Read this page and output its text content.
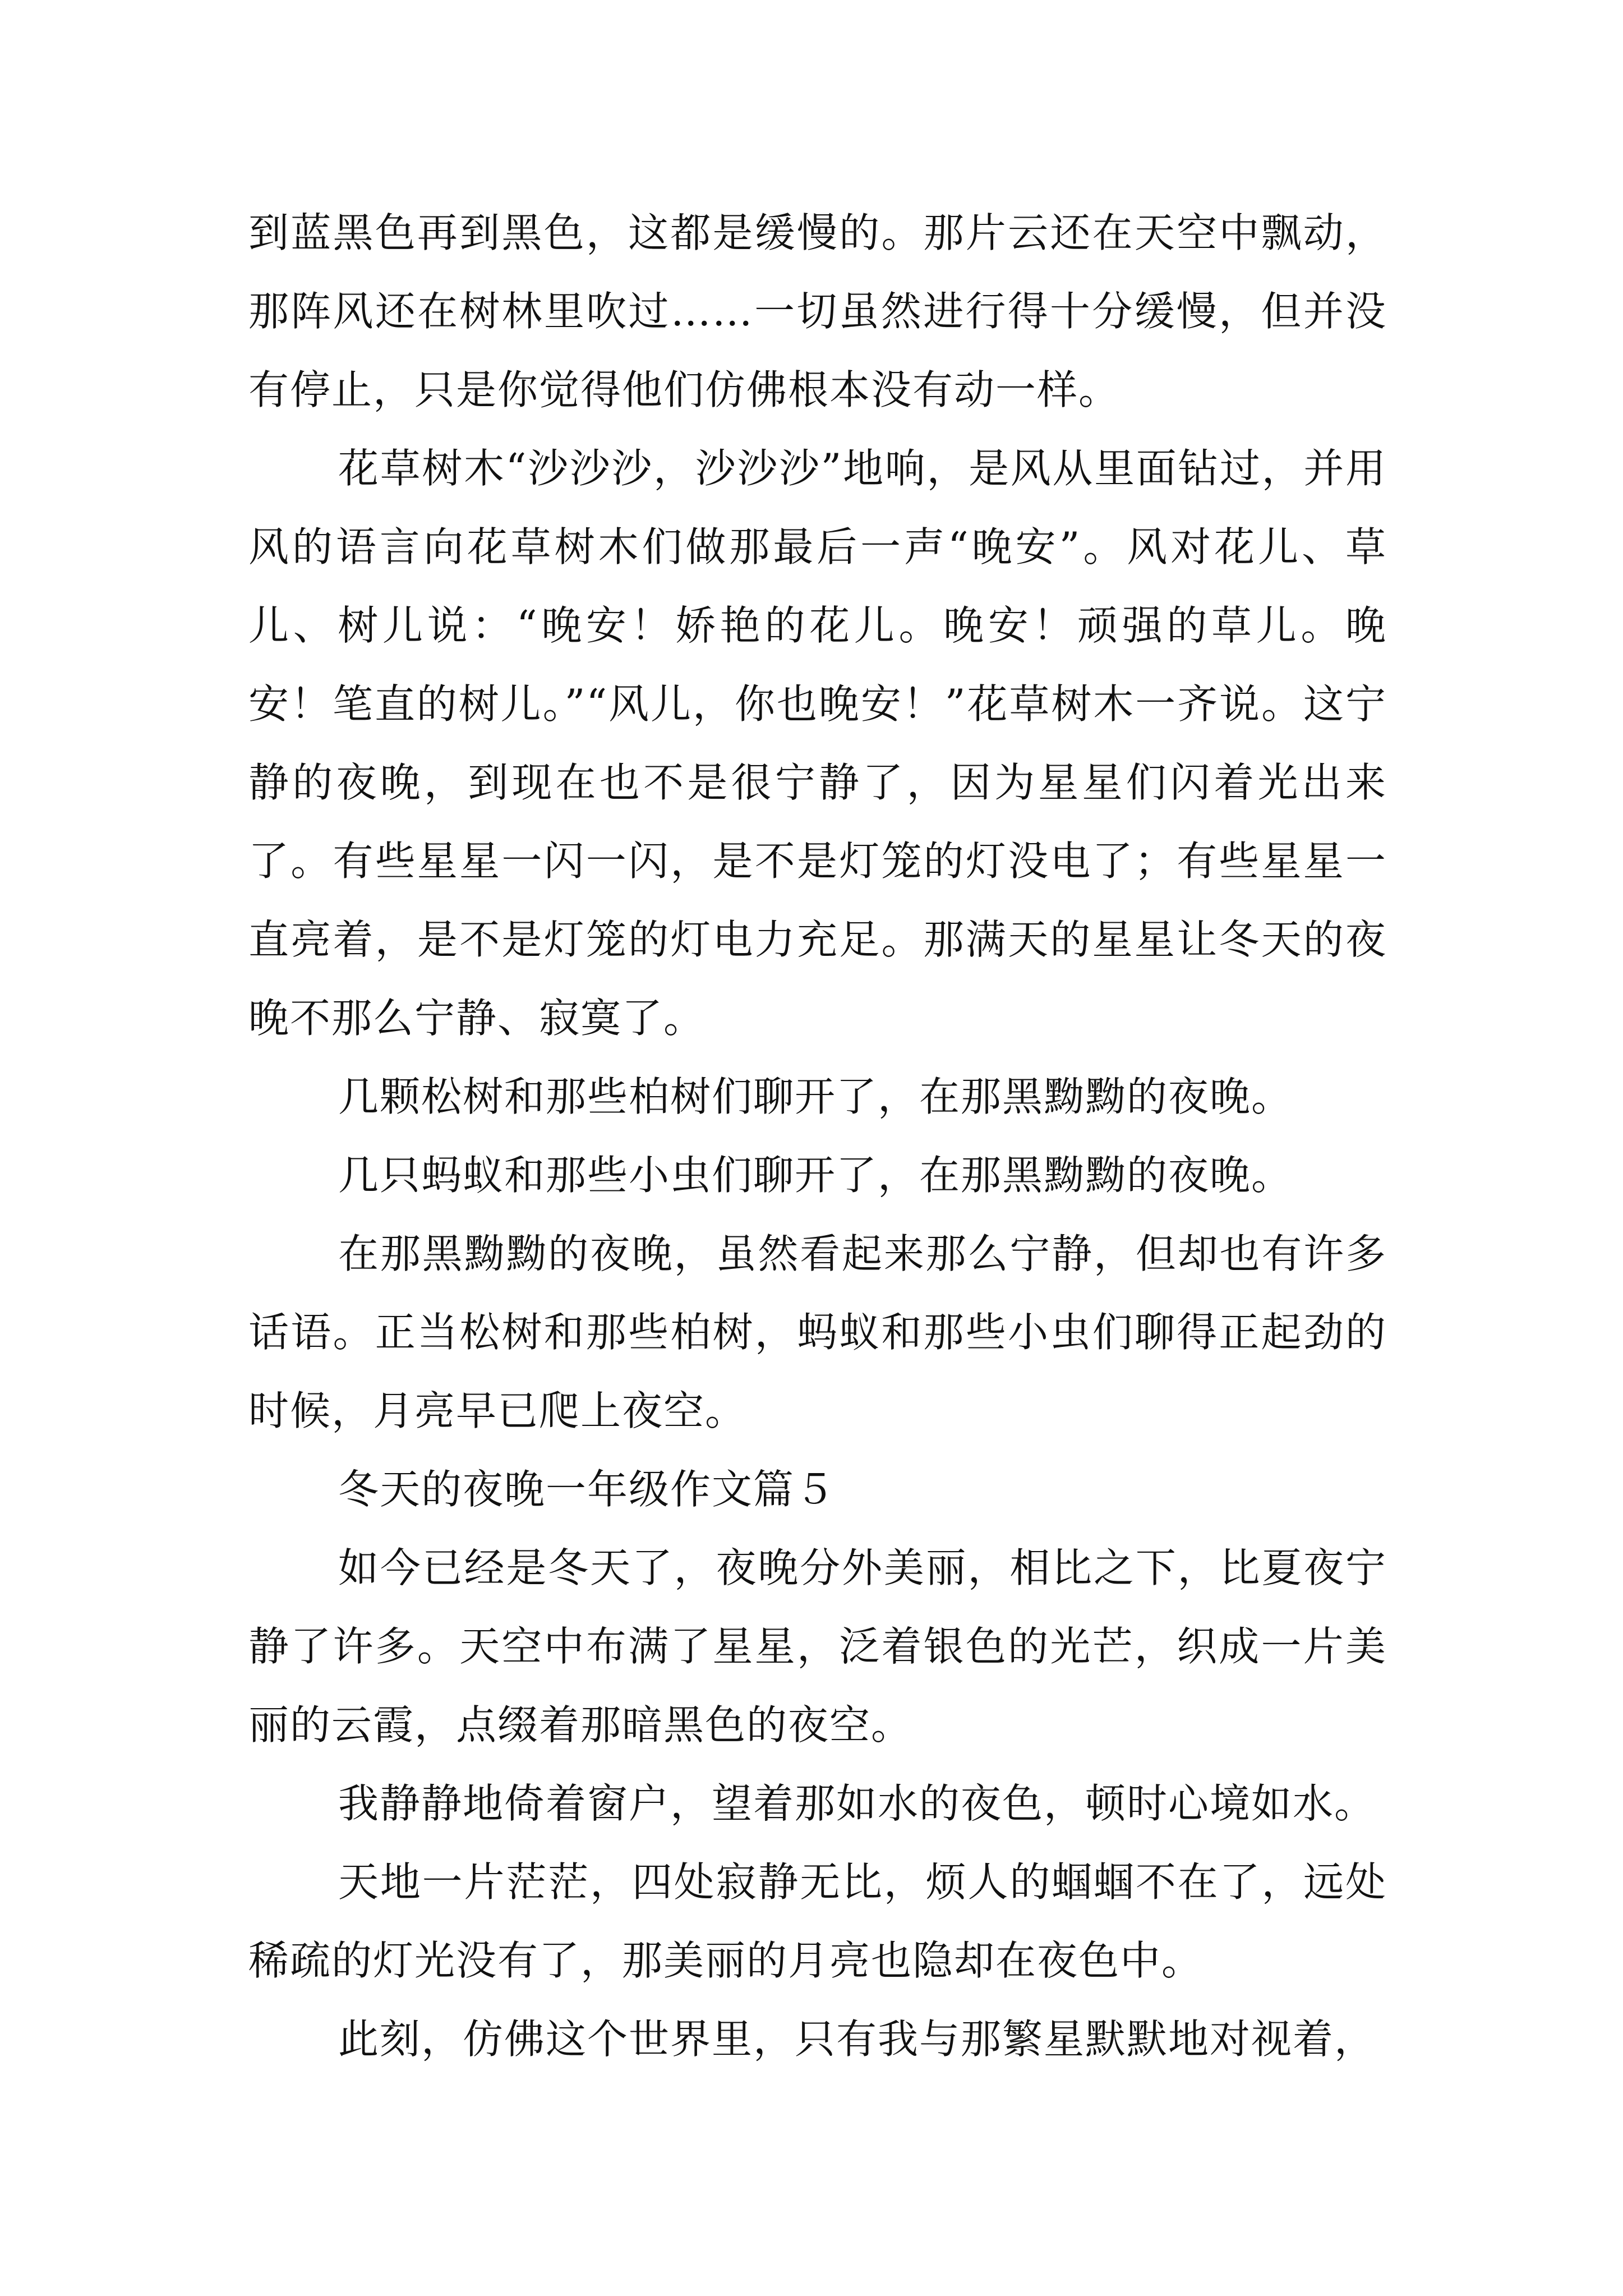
到蓝黑色再到黑色，这都是缓慢的。那片云还在天空中飘动，那阵风还在树林里吹过……一切虽然进行得十分缓慢，但并没有停止，只是你觉得他们仿佛根本没有动一样。

花草树木“沙沙沙，沙沙沙”地响，是风从里面钻过，并用风的语言向花草树木们做那最后一声“晚安”。风对花儿、草儿、树儿说：“晚安！娇艳的花儿。晚安！顽强的草儿。晚安！笔直的树儿。”“风儿，你也晚安！”花草树木一齐说。这宁静的夜晚，到现在也不是很宁静了，因为星星们闪着光出来了。有些星星一闪一闪，是不是灯笼的灯没电了；有些星星一直亮着，是不是灯笼的灯电力充足。那满天的星星让冬天的夜晚不那么宁静、寂寞了。

几颗松树和那些柏树们聊开了，在那黑黝黝的夜晚。

几只蚂蚁和那些小虫们聊开了，在那黑黝黝的夜晚。

在那黑黝黝的夜晚，虽然看起来那么宁静，但却也有许多话语。正当松树和那些柏树，蚂蚁和那些小虫们聊得正起劲的时候，月亮早已爬上夜空。

冬天的夜晚一年级作文篇５

如今已经是冬天了，夜晚分外美丽，相比之下，比夏夜宁静了许多。天空中布满了星星，泛着银色的光芒，织成一片美丽的云霞，点缀着那暗黑色的夜空。

我静静地倚着窗户，望着那如水的夜色，顿时心境如水。

天地一片茫茫，四处寂静无比，烦人的蝈蝈不在了，远处稀疏的灯光没有了，那美丽的月亮也隐却在夜色中。

此刻，仿佛这个世界里，只有我与那繁星默默地对视着，
